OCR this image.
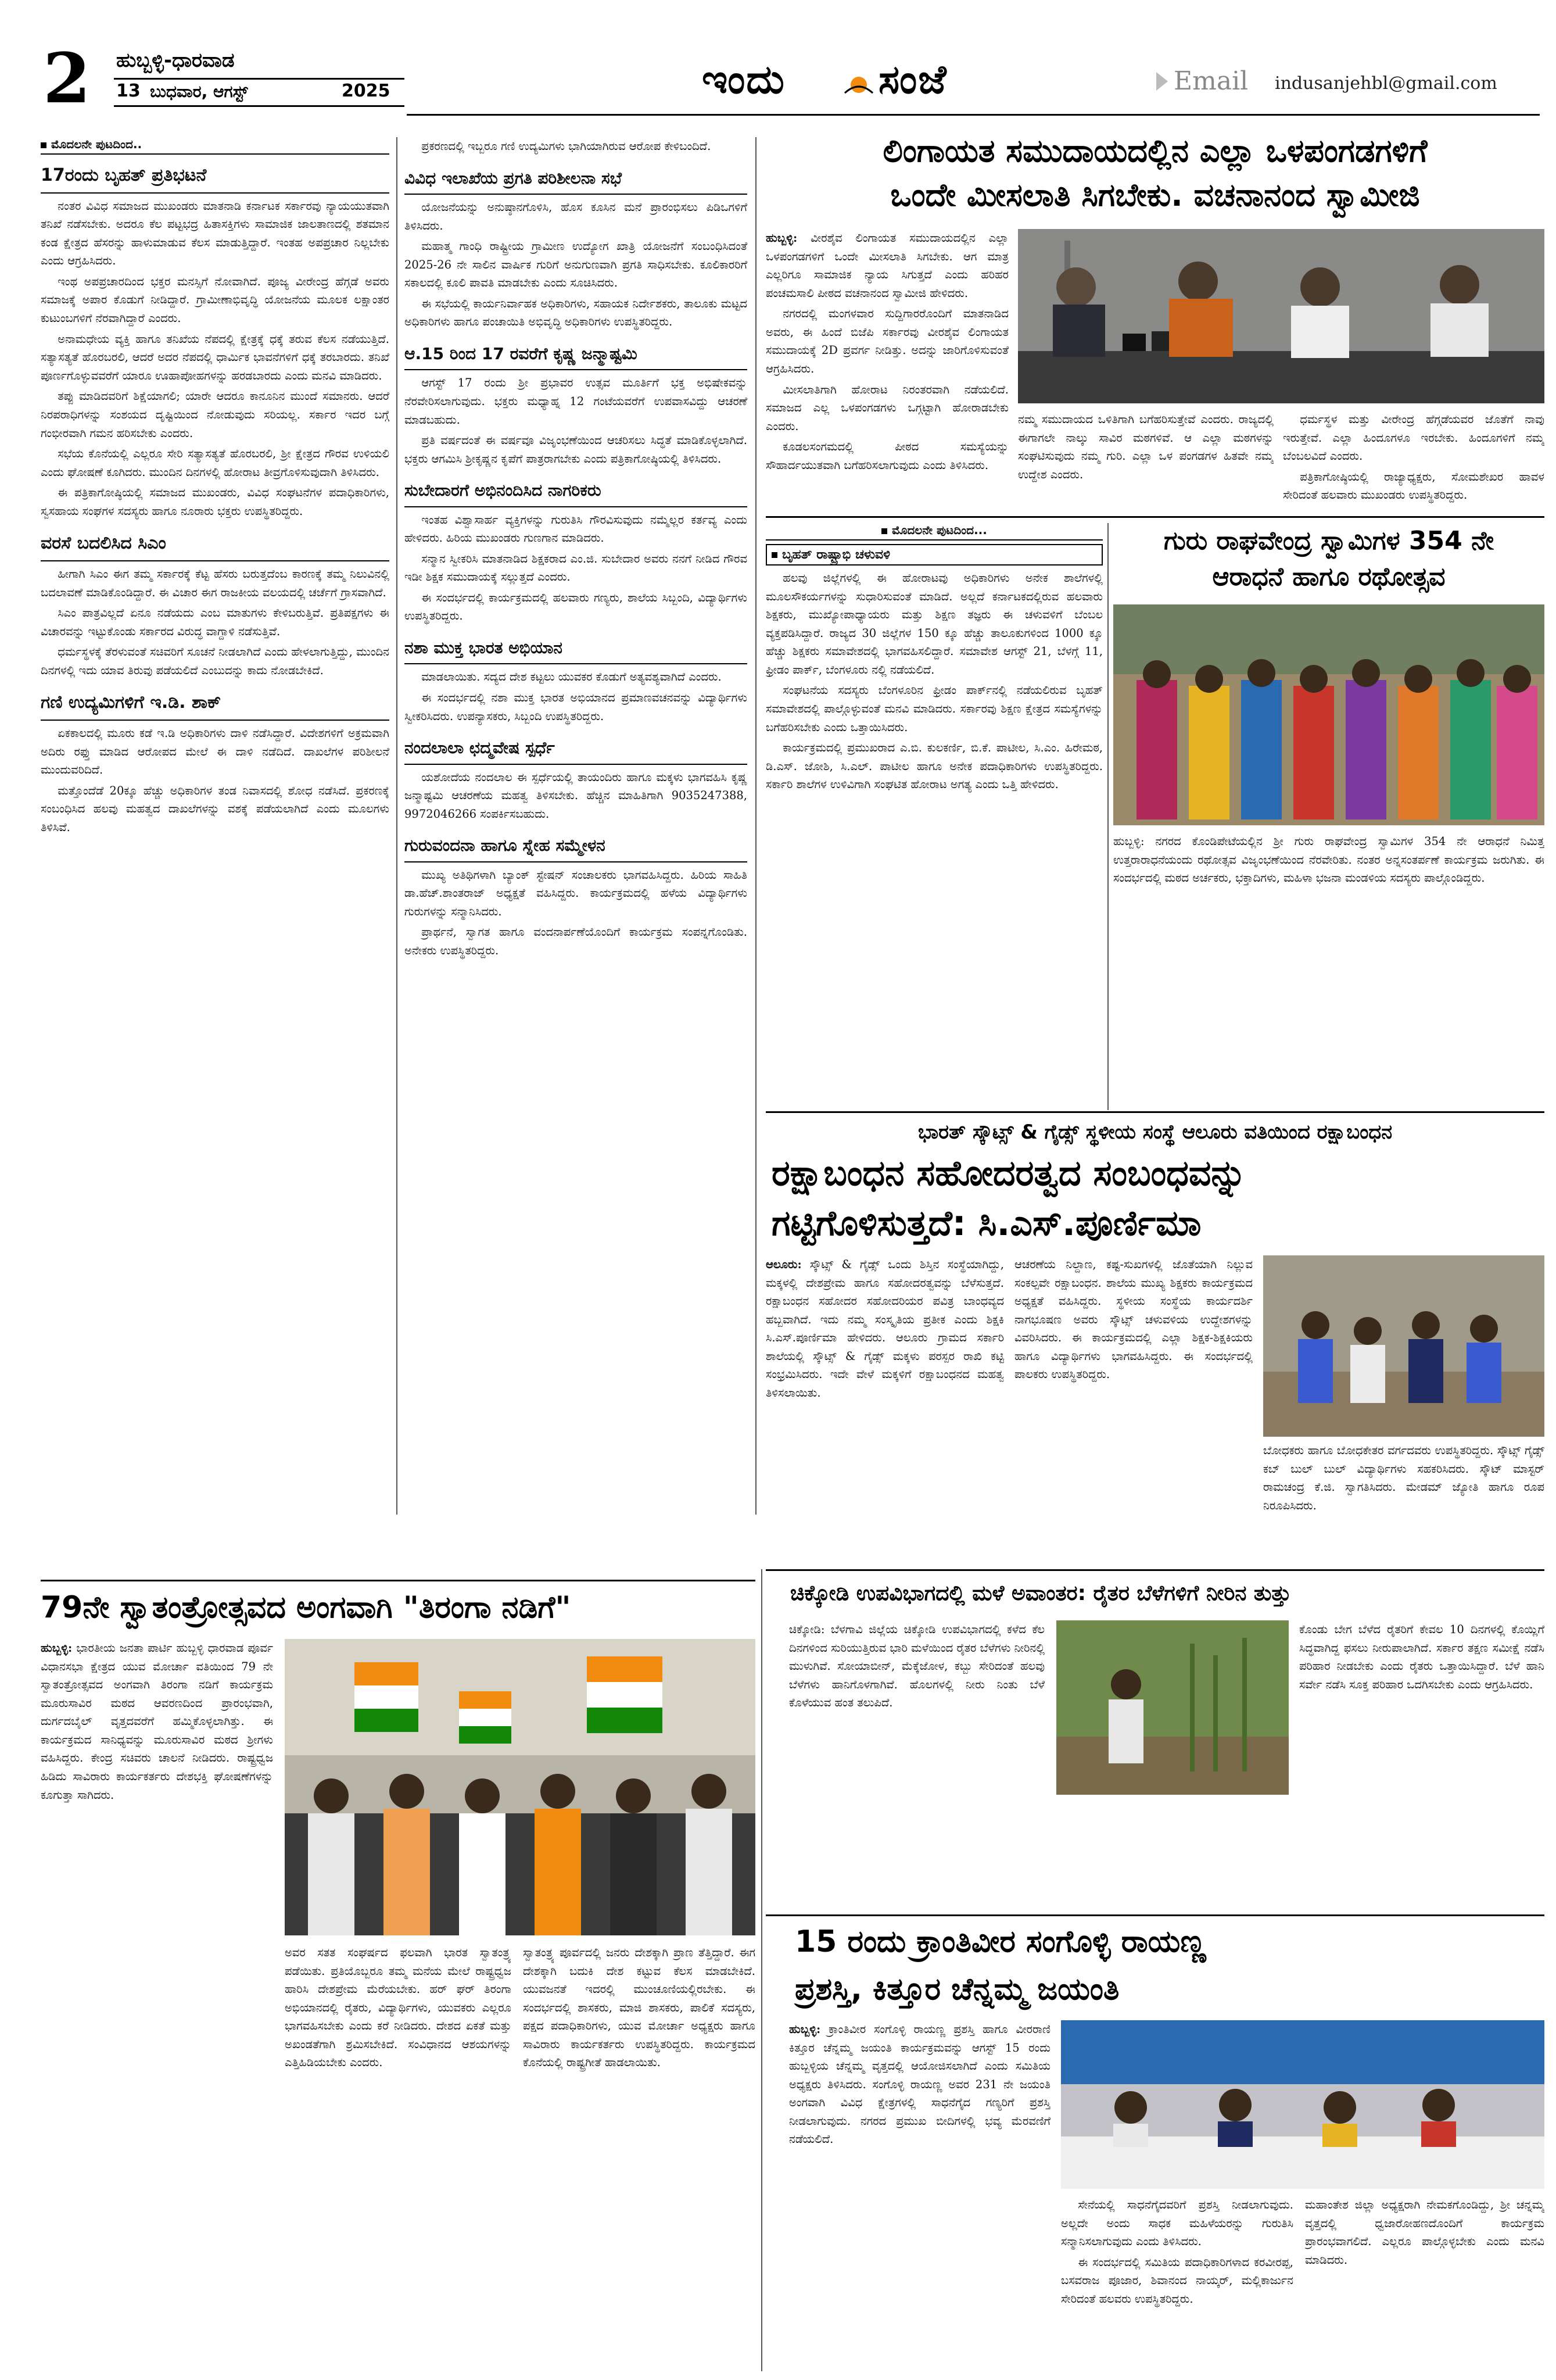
2 ಹುಬ್ಬಳ್ಳಿ-ಧಾರವಾಡ
13 ಬುಧವಾರ, ಆಗಸ್ಟ್	2025	ಇಂದು ಸಂಜೆ	Email indusanjehbl@gmail.com
ಮೊದಲನೇ ಪುಟದಿಂದ..
17ರಂದು ಬೃಹತ್ ಪ್ರತಿಭಟನೆ

ನಂತರ ವಿವಿಧ ಸಮಾಜದ ಮುಖಂಡರು ಮಾತನಾಡಿ ಕರ್ನಾಟಕ ಸರ್ಕಾರವು ನ್ಯಾಯಯುತವಾಗಿ ತನಿಖೆ ನಡೆಸಬೇಕು. ಅದರೂ ಕೆಲ ಪಟ್ಟಭದ್ರ ಹಿತಾಸಕ್ತಿಗಳು ಸಾಮಾಜಿಕ ಜಾಲತಾಣದಲ್ಲಿ ಶತಮಾನ ಕಂಡ ಕ್ಷೇತ್ರದ ಹೆಸರನ್ನು ಹಾಳುಮಾಡುವ ಕೆಲಸ ಮಾಡುತ್ತಿದ್ದಾರೆ. ಇಂತಹ ಅಪಪ್ರಚಾರ ನಿಲ್ಲಬೇಕು ಎಂದು ಆಗ್ರಹಿಸಿದರು.

ಇಂಥ ಅಪಪ್ರಚಾರದಿಂದ ಭಕ್ತರ ಮನಸ್ಸಿಗೆ ನೋವಾಗಿದೆ. ಪೂಜ್ಯ ವೀರೇಂದ್ರ ಹೆಗ್ಗಡೆ ಅವರು ಸಮಾಜಕ್ಕೆ ಅಪಾರ ಕೊಡುಗೆ ನೀಡಿದ್ದಾರೆ. ಗ್ರಾಮೀಣಾಭಿವೃದ್ಧಿ ಯೋಜನೆಯ ಮೂಲಕ ಲಕ್ಷಾಂತರ ಕುಟುಂಬಗಳಿಗೆ ನೆರವಾಗಿದ್ದಾರೆ ಎಂದರು.

ಅನಾಮಧೇಯ ವ್ಯಕ್ತಿ ಹಾಗೂ ತನಿಖೆಯ ನೆಪದಲ್ಲಿ ಕ್ಷೇತ್ರಕ್ಕೆ ಧಕ್ಕೆ ತರುವ ಕೆಲಸ ನಡೆಯುತ್ತಿದೆ. ಸತ್ಯಾಸತ್ಯತೆ ಹೊರಬರಲಿ, ಆದರೆ ಅದರ ನೆಪದಲ್ಲಿ ಧಾರ್ಮಿಕ ಭಾವನೆಗಳಿಗೆ ಧಕ್ಕೆ ತರಬಾರದು. ತನಿಖೆ ಪೂರ್ಣಗೊಳ್ಳುವವರೆಗೆ ಯಾರೂ ಊಹಾಪೋಹಗಳನ್ನು ಹರಡಬಾರದು ಎಂದು ಮನವಿ ಮಾಡಿದರು.

ತಪ್ಪು ಮಾಡಿದವರಿಗೆ ಶಿಕ್ಷೆಯಾಗಲಿ; ಯಾರೇ ಆದರೂ ಕಾನೂನಿನ ಮುಂದೆ ಸಮಾನರು. ಆದರೆ ನಿರಪರಾಧಿಗಳನ್ನು ಸಂಶಯದ ದೃಷ್ಟಿಯಿಂದ ನೋಡುವುದು ಸರಿಯಲ್ಲ. ಸರ್ಕಾರ ಇದರ ಬಗ್ಗೆ ಗಂಭೀರವಾಗಿ ಗಮನ ಹರಿಸಬೇಕು ಎಂದರು.

ಸಭೆಯ ಕೊನೆಯಲ್ಲಿ ಎಲ್ಲರೂ ಸೇರಿ ಸತ್ಯಾಸತ್ಯತೆ ಹೊರಬರಲಿ, ಶ್ರೀ ಕ್ಷೇತ್ರದ ಗೌರವ ಉಳಿಯಲಿ ಎಂದು ಘೋಷಣೆ ಕೂಗಿದರು. ಮುಂದಿನ ದಿನಗಳಲ್ಲಿ ಹೋರಾಟ ತೀವ್ರಗೊಳಿಸುವುದಾಗಿ ತಿಳಿಸಿದರು.

ಈ ಪತ್ರಿಕಾಗೋಷ್ಠಿಯಲ್ಲಿ ಸಮಾಜದ ಮುಖಂಡರು, ವಿವಿಧ ಸಂಘಟನೆಗಳ ಪದಾಧಿಕಾರಿಗಳು, ಸ್ವಸಹಾಯ ಸಂಘಗಳ ಸದಸ್ಯರು ಹಾಗೂ ನೂರಾರು ಭಕ್ತರು ಉಪಸ್ಥಿತರಿದ್ದರು.

ವರಸೆ ಬದಲಿಸಿದ ಸಿಎಂ

ಹೀಗಾಗಿ ಸಿಎಂ ಈಗ ತಮ್ಮ ಸರ್ಕಾರಕ್ಕೆ ಕೆಟ್ಟ ಹೆಸರು ಬರುತ್ತದೆಂಬ ಕಾರಣಕ್ಕೆ ತಮ್ಮ ನಿಲುವಿನಲ್ಲಿ ಬದಲಾವಣೆ ಮಾಡಿಕೊಂಡಿದ್ದಾರೆ. ಈ ವಿಚಾರ ಈಗ ರಾಜಕೀಯ ವಲಯದಲ್ಲಿ ಚರ್ಚೆಗೆ ಗ್ರಾಸವಾಗಿದೆ.

ಸಿಎಂ ಪಾತ್ರವಿಲ್ಲದೆ ಏನೂ ನಡೆಯದು ಎಂಬ ಮಾತುಗಳು ಕೇಳಿಬರುತ್ತಿವೆ. ಪ್ರತಿಪಕ್ಷಗಳು ಈ ವಿಚಾರವನ್ನು ಇಟ್ಟುಕೊಂಡು ಸರ್ಕಾರದ ವಿರುದ್ಧ ವಾಗ್ದಾಳಿ ನಡೆಸುತ್ತಿವೆ.

ಧರ್ಮಸ್ಥಳಕ್ಕೆ ತೆರಳುವಂತೆ ಸಚಿವರಿಗೆ ಸೂಚನೆ ನೀಡಲಾಗಿದೆ ಎಂದು ಹೇಳಲಾಗುತ್ತಿದ್ದು, ಮುಂದಿನ ದಿನಗಳಲ್ಲಿ ಇದು ಯಾವ ತಿರುವು ಪಡೆಯಲಿದೆ ಎಂಬುದನ್ನು ಕಾದು ನೋಡಬೇಕಿದೆ.

ಗಣಿ ಉದ್ಯಮಿಗಳಿಗೆ ಇ.ಡಿ. ಶಾಕ್

ಏಕಕಾಲದಲ್ಲಿ ಮೂರು ಕಡೆ ಇ.ಡಿ ಅಧಿಕಾರಿಗಳು ದಾಳಿ ನಡೆಸಿದ್ದಾರೆ. ವಿದೇಶಗಳಿಗೆ ಅಕ್ರಮವಾಗಿ ಅದಿರು ರಫ್ತು ಮಾಡಿದ ಆರೋಪದ ಮೇಲೆ ಈ ದಾಳಿ ನಡೆದಿದೆ. ದಾಖಲೆಗಳ ಪರಿಶೀಲನೆ ಮುಂದುವರಿದಿದೆ.

ಮತ್ತೊಂದೆಡೆ 20ಕ್ಕೂ ಹೆಚ್ಚು ಅಧಿಕಾರಿಗಳ ತಂಡ ನಿವಾಸದಲ್ಲಿ ಶೋಧ ನಡೆಸಿದೆ. ಪ್ರಕರಣಕ್ಕೆ ಸಂಬಂಧಿಸಿದ ಹಲವು ಮಹತ್ವದ ದಾಖಲೆಗಳನ್ನು ವಶಕ್ಕೆ ಪಡೆಯಲಾಗಿದೆ ಎಂದು ಮೂಲಗಳು ತಿಳಿಸಿವೆ.

ಪ್ರಕರಣದಲ್ಲಿ ಇಬ್ಬರೂ ಗಣಿ ಉದ್ಯಮಿಗಳು ಭಾಗಿಯಾಗಿರುವ ಆರೋಪ ಕೇಳಿಬಂದಿದೆ.

ವಿವಿಧ ಇಲಾಖೆಯ ಪ್ರಗತಿ ಪರಿಶೀಲನಾ ಸಭೆ

ಯೋಜನೆಯನ್ನು ಅನುಷ್ಠಾನಗೊಳಿಸಿ, ಹೊಸ ಕೂಸಿನ ಮನೆ ಪ್ರಾರಂಭಿಸಲು ಪಿಡಿಒಗಳಿಗೆ ತಿಳಿಸಿದರು.

ಮಹಾತ್ಮ ಗಾಂಧಿ ರಾಷ್ಟ್ರೀಯ ಗ್ರಾಮೀಣ ಉದ್ಯೋಗ ಖಾತ್ರಿ ಯೋಜನೆಗೆ ಸಂಬಂಧಿಸಿದಂತೆ 2025-26 ನೇ ಸಾಲಿನ ವಾರ್ಷಿಕ ಗುರಿಗೆ ಅನುಗುಣವಾಗಿ ಪ್ರಗತಿ ಸಾಧಿಸಬೇಕು. ಕೂಲಿಕಾರರಿಗೆ ಸಕಾಲದಲ್ಲಿ ಕೂಲಿ ಪಾವತಿ ಮಾಡಬೇಕು ಎಂದು ಸೂಚಿಸಿದರು.

ಈ ಸಭೆಯಲ್ಲಿ ಕಾರ್ಯನಿರ್ವಾಹಕ ಅಧಿಕಾರಿಗಳು, ಸಹಾಯಕ ನಿರ್ದೇಶಕರು, ತಾಲೂಕು ಮಟ್ಟದ ಅಧಿಕಾರಿಗಳು ಹಾಗೂ ಪಂಚಾಯಿತಿ ಅಭಿವೃದ್ಧಿ ಅಧಿಕಾರಿಗಳು ಉಪಸ್ಥಿತರಿದ್ದರು.

ಆ.15 ರಿಂದ 17 ರವರೆಗೆ ಕೃಷ್ಣ ಜನ್ಮಾಷ್ಟಮಿ

ಆಗಸ್ಟ್ 17 ರಂದು ಶ್ರೀ ಪ್ರಭಾವರ ಉತ್ಸವ ಮೂರ್ತಿಗೆ ಭಕ್ತ ಅಭಿಷೇಕವನ್ನು ನೆರವೇರಿಸಲಾಗುವುದು. ಭಕ್ತರು ಮಧ್ಯಾಹ್ನ 12 ಗಂಟೆಯವರೆಗೆ ಉಪವಾಸವಿದ್ದು ಆಚರಣೆ ಮಾಡಬಹುದು.

ಪ್ರತಿ ವರ್ಷದಂತೆ ಈ ವರ್ಷವೂ ವಿಜೃಂಭಣೆಯಿಂದ ಆಚರಿಸಲು ಸಿದ್ಧತೆ ಮಾಡಿಕೊಳ್ಳಲಾಗಿದೆ. ಭಕ್ತರು ಆಗಮಿಸಿ ಶ್ರೀಕೃಷ್ಣನ ಕೃಪೆಗೆ ಪಾತ್ರರಾಗಬೇಕು ಎಂದು ಪತ್ರಿಕಾಗೋಷ್ಠಿಯಲ್ಲಿ ತಿಳಿಸಿದರು.

ಸುಬೇದಾರಗೆ ಅಭಿನಂದಿಸಿದ ನಾಗರಿಕರು

ಇಂತಹ ವಿಶ್ವಾಸಾರ್ಹ ವ್ಯಕ್ತಿಗಳನ್ನು ಗುರುತಿಸಿ ಗೌರವಿಸುವುದು ನಮ್ಮೆಲ್ಲರ ಕರ್ತವ್ಯ ಎಂದು ಹೇಳಿದರು. ಹಿರಿಯ ಮುಖಂಡರು ಗುಣಗಾನ ಮಾಡಿದರು.

ಸನ್ಮಾನ ಸ್ವೀಕರಿಸಿ ಮಾತನಾಡಿದ ಶಿಕ್ಷಕರಾದ ಎಂ.ಜಿ. ಸುಬೇದಾರ ಅವರು ನನಗೆ ನೀಡಿದ ಗೌರವ ಇಡೀ ಶಿಕ್ಷಕ ಸಮುದಾಯಕ್ಕೆ ಸಲ್ಲುತ್ತದೆ ಎಂದರು.

ಈ ಸಂದರ್ಭದಲ್ಲಿ ಕಾರ್ಯಕ್ರಮದಲ್ಲಿ ಹಲವಾರು ಗಣ್ಯರು, ಶಾಲೆಯ ಸಿಬ್ಬಂದಿ, ವಿದ್ಯಾರ್ಥಿಗಳು ಉಪಸ್ಥಿತರಿದ್ದರು.

ನಶಾ ಮುಕ್ತ ಭಾರತ ಅಭಿಯಾನ

ಮಾಡಲಾಯಿತು. ಸದ್ಯದ ದೇಶ ಕಟ್ಟಲು ಯುವಕರ ಕೊಡುಗೆ ಅತ್ಯವಶ್ಯವಾಗಿದೆ ಎಂದರು.

ಈ ಸಂದರ್ಭದಲ್ಲಿ ನಶಾ ಮುಕ್ತ ಭಾರತ ಅಭಿಯಾನದ ಪ್ರಮಾಣವಚನವನ್ನು ವಿದ್ಯಾರ್ಥಿಗಳು ಸ್ವೀಕರಿಸಿದರು. ಉಪನ್ಯಾಸಕರು, ಸಿಬ್ಬಂದಿ ಉಪಸ್ಥಿತರಿದ್ದರು.

ನಂದಲಾಲಾ ಛದ್ಮವೇಷ ಸ್ಪರ್ಧೆ

ಯಶೋದೆಯ ನಂದಲಾಲ ಈ ಸ್ಪರ್ಧೆಯಲ್ಲಿ ತಾಯಂದಿರು ಹಾಗೂ ಮಕ್ಕಳು ಭಾಗವಹಿಸಿ ಕೃಷ್ಣ ಜನ್ಮಾಷ್ಟಮಿ ಆಚರಣೆಯ ಮಹತ್ವ ತಿಳಿಸಬೇಕು. ಹೆಚ್ಚಿನ ಮಾಹಿತಿಗಾಗಿ 9035247388, 9972046266 ಸಂಪರ್ಕಿಸಬಹುದು.

ಗುರುವಂದನಾ ಹಾಗೂ ಸ್ನೇಹ ಸಮ್ಮೇಳನ

ಮುಖ್ಯ ಅತಿಥಿಗಳಾಗಿ ಬ್ಯಾಂಕ್ ಸ್ಟೇಷನ್ ಸಂಚಾಲಕರು ಭಾಗವಹಿಸಿದ್ದರು. ಹಿರಿಯ ಸಾಹಿತಿ ಡಾ.ಹೆಚ್.ಶಾಂತರಾಜ್ ಅಧ್ಯಕ್ಷತೆ ವಹಿಸಿದ್ದರು. ಕಾರ್ಯಕ್ರಮದಲ್ಲಿ ಹಳೆಯ ವಿದ್ಯಾರ್ಥಿಗಳು ಗುರುಗಳನ್ನು ಸನ್ಮಾನಿಸಿದರು.

ಪ್ರಾರ್ಥನೆ, ಸ್ವಾಗತ ಹಾಗೂ ವಂದನಾರ್ಪಣೆಯೊಂದಿಗೆ ಕಾರ್ಯಕ್ರಮ ಸಂಪನ್ನಗೊಂಡಿತು. ಅನೇಕರು ಉಪಸ್ಥಿತರಿದ್ದರು.

ಲಿಂಗಾಯತ ಸಮುದಾಯದಲ್ಲಿನ ಎಲ್ಲಾ ಒಳಪಂಗಡಗಳಿಗೆ
ಒಂದೇ ಮೀಸಲಾತಿ ಸಿಗಬೇಕು. ವಚನಾನಂದ ಸ್ವಾಮೀಜಿ

ಹುಬ್ಬಳ್ಳಿ: ವೀರಶೈವ ಲಿಂಗಾಯತ ಸಮುದಾಯದಲ್ಲಿನ ಎಲ್ಲಾ ಒಳಪಂಗಡಗಳಿಗೆ ಒಂದೇ ಮೀಸಲಾತಿ ಸಿಗಬೇಕು. ಆಗ ಮಾತ್ರ ಎಲ್ಲರಿಗೂ ಸಾಮಾಜಿಕ ನ್ಯಾಯ ಸಿಗುತ್ತದೆ ಎಂದು ಹರಿಹರ ಪಂಚಮಸಾಲಿ ಪೀಠದ ವಚನಾನಂದ ಸ್ವಾಮೀಜಿ ಹೇಳಿದರು.

ನಗರದಲ್ಲಿ ಮಂಗಳವಾರ ಸುದ್ದಿಗಾರರೊಂದಿಗೆ ಮಾತನಾಡಿದ ಅವರು, ಈ ಹಿಂದೆ ಬಿಜೆಪಿ ಸರ್ಕಾರವು ವೀರಶೈವ ಲಿಂಗಾಯತ ಸಮುದಾಯಕ್ಕೆ 2D ಪ್ರವರ್ಗ ನೀಡಿತ್ತು. ಅದನ್ನು ಜಾರಿಗೊಳಿಸುವಂತೆ ಆಗ್ರಹಿಸಿದರು.

ಮೀಸಲಾತಿಗಾಗಿ ಹೋರಾಟ ನಿರಂತರವಾಗಿ ನಡೆಯಲಿದೆ. ಸಮಾಜದ ಎಲ್ಲ ಒಳಪಂಗಡಗಳು ಒಗ್ಗಟ್ಟಾಗಿ ಹೋರಾಡಬೇಕು ಎಂದರು.

ಕೂಡಲಸಂಗಮದಲ್ಲಿ ಪೀಠದ ಸಮಸ್ಯೆಯನ್ನು ಸೌಹಾರ್ದಯುತವಾಗಿ ಬಗೆಹರಿಸಲಾಗುವುದು ಎಂದು ತಿಳಿಸಿದರು.

ನಮ್ಮ ಸಮುದಾಯದ ಒಳಿತಿಗಾಗಿ ಬಗೆಹರಿಸುತ್ತೇವೆ ಎಂದರು. ರಾಜ್ಯದಲ್ಲಿ ಈಗಾಗಲೇ ನಾಲ್ಕು ಸಾವಿರ ಮಠಗಳಿವೆ. ಆ ಎಲ್ಲಾ ಮಠಗಳನ್ನು ಸಂಘಟಿಸುವುದು ನಮ್ಮ ಗುರಿ. ಎಲ್ಲಾ ಒಳ ಪಂಗಡಗಳ ಹಿತವೇ ನಮ್ಮ ಉದ್ದೇಶ ಎಂದರು.

ಧರ್ಮಸ್ಥಳ ಮತ್ತು ವೀರೇಂದ್ರ ಹೆಗ್ಗಡೆಯವರ ಜೊತೆಗೆ ನಾವು ಇರುತ್ತೇವೆ. ಎಲ್ಲಾ ಹಿಂದೂಗಳೂ ಇರಬೇಕು. ಹಿಂದೂಗಳಿಗೆ ನಮ್ಮ ಬೆಂಬಲವಿದೆ ಎಂದರು.

ಪತ್ರಿಕಾಗೋಷ್ಠಿಯಲ್ಲಿ ರಾಜ್ಯಾಧ್ಯಕ್ಷರು, ಸೋಮಶೇಖರ ಹಾವಳ ಸೇರಿದಂತೆ ಹಲವಾರು ಮುಖಂಡರು ಉಪಸ್ಥಿತರಿದ್ದರು.

ಮೊದಲನೇ ಪುಟದಿಂದ...
ಬೃಹತ್ ರಾಷ್ಟ್ರಾಭಿ ಚಳುವಳಿ

ಹಲವು ಜಿಲ್ಲೆಗಳಲ್ಲಿ ಈ ಹೋರಾಟವು ಅಧಿಕಾರಿಗಳು ಅನೇಕ ಶಾಲೆಗಳಲ್ಲಿ ಮೂಲಸೌಕರ್ಯಗಳನ್ನು ಸುಧಾರಿಸುವಂತೆ ಮಾಡಿದೆ. ಅಲ್ಲದೆ ಕರ್ನಾಟಕದಲ್ಲಿರುವ ಹಲವಾರು ಶಿಕ್ಷಕರು, ಮುಖ್ಯೋಪಾಧ್ಯಾಯರು ಮತ್ತು ಶಿಕ್ಷಣ ತಜ್ಞರು ಈ ಚಳುವಳಿಗೆ ಬೆಂಬಲ ವ್ಯಕ್ತಪಡಿಸಿದ್ದಾರೆ. ರಾಜ್ಯದ 30 ಜಿಲ್ಲೆಗಳ 150 ಕ್ಕೂ ಹೆಚ್ಚು ತಾಲೂಕುಗಳಿಂದ 1000 ಕ್ಕೂ ಹೆಚ್ಚು ಶಿಕ್ಷಕರು ಸಮಾವೇಶದಲ್ಲಿ ಭಾಗವಹಿಸಲಿದ್ದಾರೆ. ಸಮಾವೇಶ ಆಗಸ್ಟ್ 21, ಬೆಳಗ್ಗೆ 11, ಫ್ರೀಡಂ ಪಾರ್ಕ್, ಬೆಂಗಳೂರು ನಲ್ಲಿ ನಡೆಯಲಿದೆ.

ಸಂಘಟನೆಯ ಸದಸ್ಯರು ಬೆಂಗಳೂರಿನ ಫ್ರೀಡಂ ಪಾರ್ಕ್‌ನಲ್ಲಿ ನಡೆಯಲಿರುವ ಬೃಹತ್ ಸಮಾವೇಶದಲ್ಲಿ ಪಾಲ್ಗೊಳ್ಳುವಂತೆ ಮನವಿ ಮಾಡಿದರು. ಸರ್ಕಾರವು ಶಿಕ್ಷಣ ಕ್ಷೇತ್ರದ ಸಮಸ್ಯೆಗಳನ್ನು ಬಗೆಹರಿಸಬೇಕು ಎಂದು ಒತ್ತಾಯಿಸಿದರು.

ಕಾರ್ಯಕ್ರಮದಲ್ಲಿ ಪ್ರಮುಖರಾದ ಎ.ಬಿ. ಕುಲಕರ್ಣಿ, ಬಿ.ಕೆ. ಪಾಟೀಲ, ಸಿ.ಎಂ. ಹಿರೇಮಠ, ಡಿ.ಎಸ್. ಜೋಶಿ, ಸಿ.ಎಲ್. ಪಾಟೀಲ ಹಾಗೂ ಅನೇಕ ಪದಾಧಿಕಾರಿಗಳು ಉಪಸ್ಥಿತರಿದ್ದರು. ಸರ್ಕಾರಿ ಶಾಲೆಗಳ ಉಳಿವಿಗಾಗಿ ಸಂಘಟಿತ ಹೋರಾಟ ಅಗತ್ಯ ಎಂದು ಒತ್ತಿ ಹೇಳಿದರು.

ಗುರು ರಾಘವೇಂದ್ರ ಸ್ವಾಮಿಗಳ 354 ನೇ
ಆರಾಧನೆ ಹಾಗೂ ರಥೋತ್ಸವ
ಹುಬ್ಬಳ್ಳಿ: ನಗರದ ಕೊಂಡಿಪೇಟೆಯಲ್ಲಿನ ಶ್ರೀ ಗುರು ರಾಘವೇಂದ್ರ ಸ್ವಾಮಿಗಳ 354 ನೇ ಆರಾಧನೆ ನಿಮಿತ್ತ ಉತ್ತರಾರಾಧನೆಯಂದು ರಥೋತ್ಸವ ವಿಜೃಂಭಣೆಯಿಂದ ನೆರವೇರಿತು. ನಂತರ ಅನ್ನಸಂತರ್ಪಣೆ ಕಾರ್ಯಕ್ರಮ ಜರುಗಿತು. ಈ ಸಂದರ್ಭದಲ್ಲಿ ಮಠದ ಅರ್ಚಕರು, ಭಕ್ತಾದಿಗಳು, ಮಹಿಳಾ ಭಜನಾ ಮಂಡಳಿಯ ಸದಸ್ಯರು ಪಾಲ್ಗೊಂಡಿದ್ದರು.
ಭಾರತ್ ಸ್ಕೌಟ್ಸ್ & ಗೈಡ್ಸ್ ಸ್ಥಳೀಯ ಸಂಸ್ಥೆ ಆಲೂರು ವತಿಯಿಂದ ರಕ್ಷಾಬಂಧನ
ರಕ್ಷಾಬಂಧನ ಸಹೋದರತ್ವದ ಸಂಬಂಧವನ್ನು
ಗಟ್ಟಿಗೊಳಿಸುತ್ತದೆ: ಸಿ.ಎಸ್.ಪೂರ್ಣಿಮಾ

ಆಲೂರು: ಸ್ಕೌಟ್ಸ್ & ಗೈಡ್ಸ್ ಒಂದು ಶಿಸ್ತಿನ ಸಂಸ್ಥೆಯಾಗಿದ್ದು, ಮಕ್ಕಳಲ್ಲಿ ದೇಶಪ್ರೇಮ ಹಾಗೂ ಸಹೋದರತ್ವವನ್ನು ಬೆಳೆಸುತ್ತದೆ. ರಕ್ಷಾಬಂಧನ ಸಹೋದರ ಸಹೋದರಿಯರ ಪವಿತ್ರ ಬಾಂಧವ್ಯದ ಹಬ್ಬವಾಗಿದೆ. ಇದು ನಮ್ಮ ಸಂಸ್ಕೃತಿಯ ಪ್ರತೀಕ ಎಂದು ಶಿಕ್ಷಕಿ ಸಿ.ಎಸ್.ಪೂರ್ಣಿಮಾ ಹೇಳಿದರು. ಆಲೂರು ಗ್ರಾಮದ ಸರ್ಕಾರಿ ಶಾಲೆಯಲ್ಲಿ ಸ್ಕೌಟ್ಸ್ & ಗೈಡ್ಸ್ ಮಕ್ಕಳು ಪರಸ್ಪರ ರಾಖಿ ಕಟ್ಟಿ ಸಂಭ್ರಮಿಸಿದರು. ಇದೇ ವೇಳೆ ಮಕ್ಕಳಿಗೆ ರಕ್ಷಾಬಂಧನದ ಮಹತ್ವ ತಿಳಿಸಲಾಯಿತು.

ಆಚರಣೆಯ ನಿಲ್ದಾಣ, ಕಷ್ಟ-ಸುಖಗಳಲ್ಲಿ ಜೊತೆಯಾಗಿ ನಿಲ್ಲುವ ಸಂಕಲ್ಪವೇ ರಕ್ಷಾಬಂಧನ. ಶಾಲೆಯ ಮುಖ್ಯ ಶಿಕ್ಷಕರು ಕಾರ್ಯಕ್ರಮದ ಅಧ್ಯಕ್ಷತೆ ವಹಿಸಿದ್ದರು. ಸ್ಥಳೀಯ ಸಂಸ್ಥೆಯ ಕಾರ್ಯದರ್ಶಿ ನಾಗಭೂಷಣ ಅವರು ಸ್ಕೌಟ್ಸ್ ಚಳುವಳಿಯ ಉದ್ದೇಶಗಳನ್ನು ವಿವರಿಸಿದರು. ಈ ಕಾರ್ಯಕ್ರಮದಲ್ಲಿ ಎಲ್ಲಾ ಶಿಕ್ಷಕ-ಶಿಕ್ಷಕಿಯರು ಹಾಗೂ ವಿದ್ಯಾರ್ಥಿಗಳು ಭಾಗವಹಿಸಿದ್ದರು. ಈ ಸಂದರ್ಭದಲ್ಲಿ ಪಾಲಕರು ಉಪಸ್ಥಿತರಿದ್ದರು.
ಬೋಧಕರು ಹಾಗೂ ಬೋಧಕೇತರ ವರ್ಗದವರು ಉಪಸ್ಥಿತರಿದ್ದರು. ಸ್ಕೌಟ್ಸ್ ಗೈಡ್ಸ್ ಕಬ್ ಬುಲ್ ಬುಲ್ ವಿದ್ಯಾರ್ಥಿಗಳು ಸಹಕರಿಸಿದರು. ಸ್ಕೌಟ್ ಮಾಸ್ಟರ್ ರಾಮಚಂದ್ರ ಕೆ.ಜಿ. ಸ್ವಾಗತಿಸಿದರು. ಮೇಡಮ್ ಜ್ಯೋತಿ ಹಾಗೂ ರೂಪ ನಿರೂಪಿಸಿದರು.
79ನೇ ಸ್ವಾತಂತ್ರೋತ್ಸವದ ಅಂಗವಾಗಿ "ತಿರಂಗಾ ನಡಿಗೆ"

ಹುಬ್ಬಳ್ಳಿ: ಭಾರತೀಯ ಜನತಾ ಪಾರ್ಟಿ ಹುಬ್ಬಳ್ಳಿ ಧಾರವಾಡ ಪೂರ್ವ ವಿಧಾನಸಭಾ ಕ್ಷೇತ್ರದ ಯುವ ಮೋರ್ಚಾ ವತಿಯಿಂದ 79 ನೇ ಸ್ವಾತಂತ್ರೋತ್ಸವದ ಅಂಗವಾಗಿ ತಿರಂಗಾ ನಡಿಗೆ ಕಾರ್ಯಕ್ರಮ ಮೂರುಸಾವಿರ ಮಠದ ಆವರಣದಿಂದ ಪ್ರಾರಂಭವಾಗಿ, ದುರ್ಗದಬೈಲ್ ವೃತ್ತದವರೆಗೆ ಹಮ್ಮಿಕೊಳ್ಳಲಾಗಿತ್ತು. ಈ ಕಾರ್ಯಕ್ರಮದ ಸಾನಿಧ್ಯವನ್ನು ಮೂರುಸಾವಿರ ಮಠದ ಶ್ರೀಗಳು ವಹಿಸಿದ್ದರು. ಕೇಂದ್ರ ಸಚಿವರು ಚಾಲನೆ ನೀಡಿದರು. ರಾಷ್ಟ್ರಧ್ವಜ ಹಿಡಿದು ಸಾವಿರಾರು ಕಾರ್ಯಕರ್ತರು ದೇಶಭಕ್ತಿ ಘೋಷಣೆಗಳನ್ನು ಕೂಗುತ್ತಾ ಸಾಗಿದರು.

ಅವರ ಸತತ ಸಂಘರ್ಷದ ಫಲವಾಗಿ ಭಾರತ ಸ್ವಾತಂತ್ರ್ಯ ಪಡೆಯಿತು. ಪ್ರತಿಯೊಬ್ಬರೂ ತಮ್ಮ ಮನೆಯ ಮೇಲೆ ರಾಷ್ಟ್ರಧ್ವಜ ಹಾರಿಸಿ ದೇಶಪ್ರೇಮ ಮೆರೆಯಬೇಕು. ಹರ್ ಘರ್ ತಿರಂಗಾ ಅಭಿಯಾನದಲ್ಲಿ ರೈತರು, ವಿದ್ಯಾರ್ಥಿಗಳು, ಯುವಕರು ಎಲ್ಲರೂ ಭಾಗವಹಿಸಬೇಕು ಎಂದು ಕರೆ ನೀಡಿದರು. ದೇಶದ ಏಕತೆ ಮತ್ತು ಅಖಂಡತೆಗಾಗಿ ಶ್ರಮಿಸಬೇಕಿದೆ. ಸಂವಿಧಾನದ ಆಶಯಗಳನ್ನು ಎತ್ತಿಹಿಡಿಯಬೇಕು ಎಂದರು.
ಸ್ವಾತಂತ್ರ್ಯ ಪೂರ್ವದಲ್ಲಿ ಜನರು ದೇಶಕ್ಕಾಗಿ ಪ್ರಾಣ ತೆತ್ತಿದ್ದಾರೆ. ಈಗ ದೇಶಕ್ಕಾಗಿ ಬದುಕಿ ದೇಶ ಕಟ್ಟುವ ಕೆಲಸ ಮಾಡಬೇಕಿದೆ. ಯುವಜನತೆ ಇದರಲ್ಲಿ ಮುಂಚೂಣಿಯಲ್ಲಿರಬೇಕು. ಈ ಸಂದರ್ಭದಲ್ಲಿ ಶಾಸಕರು, ಮಾಜಿ ಶಾಸಕರು, ಪಾಲಿಕೆ ಸದಸ್ಯರು, ಪಕ್ಷದ ಪದಾಧಿಕಾರಿಗಳು, ಯುವ ಮೋರ್ಚಾ ಅಧ್ಯಕ್ಷರು ಹಾಗೂ ಸಾವಿರಾರು ಕಾರ್ಯಕರ್ತರು ಉಪಸ್ಥಿತರಿದ್ದರು. ಕಾರ್ಯಕ್ರಮದ ಕೊನೆಯಲ್ಲಿ ರಾಷ್ಟ್ರಗೀತೆ ಹಾಡಲಾಯಿತು.
ಚಿಕ್ಕೋಡಿ ಉಪವಿಭಾಗದಲ್ಲಿ ಮಳೆ ಅವಾಂತರ: ರೈತರ ಬೆಳೆಗಳಿಗೆ ನೀರಿನ ತುತ್ತು
ಚಿಕ್ಕೋಡಿ: ಬೆಳಗಾವಿ ಜಿಲ್ಲೆಯ ಚಿಕ್ಕೋಡಿ ಉಪವಿಭಾಗದಲ್ಲಿ ಕಳೆದ ಕೆಲ ದಿನಗಳಿಂದ ಸುರಿಯುತ್ತಿರುವ ಭಾರಿ ಮಳೆಯಿಂದ ರೈತರ ಬೆಳೆಗಳು ನೀರಿನಲ್ಲಿ ಮುಳುಗಿವೆ. ಸೋಯಾಬೀನ್, ಮೆಕ್ಕೆಜೋಳ, ಕಬ್ಬು ಸೇರಿದಂತೆ ಹಲವು ಬೆಳೆಗಳು ಹಾನಿಗೊಳಗಾಗಿವೆ. ಹೊಲಗಳಲ್ಲಿ ನೀರು ನಿಂತು ಬೆಳೆ ಕೊಳೆಯುವ ಹಂತ ತಲುಪಿದೆ.
ಕೊಂಡು ಬೇಗ ಬೆಳೆದ ರೈತರಿಗೆ ಕೇವಲ 10 ದಿನಗಳಲ್ಲಿ ಕೊಯ್ಲಿಗೆ ಸಿದ್ಧವಾಗಿದ್ದ ಫಸಲು ನೀರುಪಾಲಾಗಿದೆ. ಸರ್ಕಾರ ತಕ್ಷಣ ಸಮೀಕ್ಷೆ ನಡೆಸಿ ಪರಿಹಾರ ನೀಡಬೇಕು ಎಂದು ರೈತರು ಒತ್ತಾಯಿಸಿದ್ದಾರೆ. ಬೆಳೆ ಹಾನಿ ಸರ್ವೇ ನಡೆಸಿ ಸೂಕ್ತ ಪರಿಹಾರ ಒದಗಿಸಬೇಕು ಎಂದು ಆಗ್ರಹಿಸಿದರು.
15 ರಂದು ಕ್ರಾಂತಿವೀರ ಸಂಗೊಳ್ಳಿ ರಾಯಣ್ಣ
ಪ್ರಶಸ್ತಿ, ಕಿತ್ತೂರ ಚೆನ್ನಮ್ಮ ಜಯಂತಿ

ಹುಬ್ಬಳ್ಳಿ: ಕ್ರಾಂತಿವೀರ ಸಂಗೊಳ್ಳಿ ರಾಯಣ್ಣ ಪ್ರಶಸ್ತಿ ಹಾಗೂ ವೀರರಾಣಿ ಕಿತ್ತೂರ ಚೆನ್ನಮ್ಮ ಜಯಂತಿ ಕಾರ್ಯಕ್ರಮವನ್ನು ಆಗಸ್ಟ್ 15 ರಂದು ಹುಬ್ಬಳ್ಳಿಯ ಚೆನ್ನಮ್ಮ ವೃತ್ತದಲ್ಲಿ ಆಯೋಜಿಸಲಾಗಿದೆ ಎಂದು ಸಮಿತಿಯ ಅಧ್ಯಕ್ಷರು ತಿಳಿಸಿದರು. ಸಂಗೊಳ್ಳಿ ರಾಯಣ್ಣ ಅವರ 231 ನೇ ಜಯಂತಿ ಅಂಗವಾಗಿ ವಿವಿಧ ಕ್ಷೇತ್ರಗಳಲ್ಲಿ ಸಾಧನೆಗೈದ ಗಣ್ಯರಿಗೆ ಪ್ರಶಸ್ತಿ ನೀಡಲಾಗುವುದು. ನಗರದ ಪ್ರಮುಖ ಬೀದಿಗಳಲ್ಲಿ ಭವ್ಯ ಮೆರವಣಿಗೆ ನಡೆಯಲಿದೆ.

ಸೇನೆಯಲ್ಲಿ ಸಾಧನೆಗೈದವರಿಗೆ ಪ್ರಶಸ್ತಿ ನೀಡಲಾಗುವುದು. ಅಲ್ಲದೇ ಅಂದು ಸಾಧಕ ಮಹಿಳೆಯರನ್ನು ಗುರುತಿಸಿ ಸನ್ಮಾನಿಸಲಾಗುವುದು ಎಂದು ತಿಳಿಸಿದರು.

ಈ ಸಂದರ್ಭದಲ್ಲಿ ಸಮಿತಿಯ ಪದಾಧಿಕಾರಿಗಳಾದ ಕರವೀರಪ್ಪ, ಬಸವರಾಜ ಪೂಜಾರ, ಶಿವಾನಂದ ನಾಯ್ಕರ್, ಮಲ್ಲಿಕಾರ್ಜುನ ಸೇರಿದಂತೆ ಹಲವರು ಉಪಸ್ಥಿತರಿದ್ದರು.

ಮಹಾಂತೇಶ ಜಿಲ್ಲಾ ಅಧ್ಯಕ್ಷರಾಗಿ ನೇಮಕಗೊಂಡಿದ್ದು, ಶ್ರೀ ಚನ್ನಮ್ಮ ವೃತ್ತದಲ್ಲಿ ಧ್ವಜಾರೋಹಣದೊಂದಿಗೆ ಕಾರ್ಯಕ್ರಮ ಪ್ರಾರಂಭವಾಗಲಿದೆ. ಎಲ್ಲರೂ ಪಾಲ್ಗೊಳ್ಳಬೇಕು ಎಂದು ಮನವಿ ಮಾಡಿದರು.
